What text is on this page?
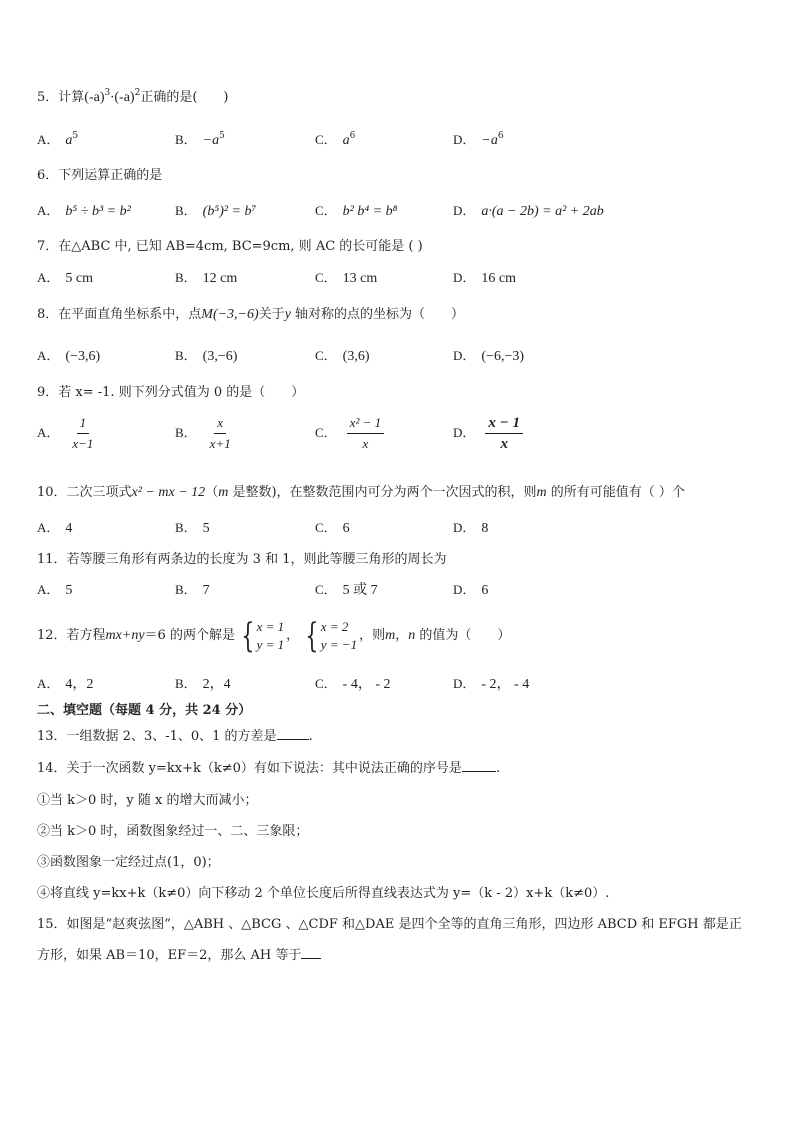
5．计算$(-a)^3\cdot(-a)^2$正确的是(　　)
A． $a^5$	B． $-a^5$	C． $a^6$	D． $-a^6$
6．下列运算正确的是
A． b⁵ ÷ b³ = b²	B． (b⁵)² = b⁷	C． b² b⁴ = b⁸	D． a·(a − 2b) = a² + 2ab
7．在△ABC 中, 已知 AB=4cm, BC=9cm, 则 AC 的长可能是 ( )
A． 5 cm	B． 12 cm	C． 13 cm	D． 16 cm
8．在平面直角坐标系中，点M(−3,−6)关于y 轴对称的点的坐标为（　　）
A． (−3,6)	B． (3,−6)	C． (3,6)	D． (−6,−3)
9．若 x= -1. 则下列分式值为 0 的是（　　）
A． $\frac{1}{x-1}$	B． $\frac{x}{x+1}$	C． $\frac{\text{x² − 1}}{x}$	D． $\frac{x - 1}{x}$
10．二次三项式x² − mx − 12（m 是整数)，在整数范围内可分为两个一次因式的积，则m 的所有可能值有（ ）个
A． 4	B． 5	C． 6	D． 8
11．若等腰三角形有两条边的长度为 3 和 1，则此等腰三角形的周长为
A． 5	B． 7	C． 5 或 7	D． 6
12．若方程mx+ny＝6 的两个解是 { x = 1
y = 1
， { x = 2
y = −1
，则m，n 的值为（　　）
A． 4，2	B． 2，4	C． - 4， - 2	D． - 2， - 4
二、填空题（每题 4 分，共 24 分）
13．一组数据 2、3、-1、0、1 的方差是 .
14．关于一次函数 y=kx+k（k≠0）有如下说法：其中说法正确的序号是	.
①当 k＞0 时，y 随 x 的增大而减小；
②当 k＞0 时，函数图象经过一、二、三象限；
③函数图象一定经过点(1，0)；
④将直线 y=kx+k（k≠0）向下移动 2 个单位长度后所得直线表达式为 y=（k - 2）x+k（k≠0）.
15．如图是“赵爽弦图”，△ABH 、△BCG 、△CDF 和△DAE 是四个全等的直角三角形，四边形 ABCD 和 EFGH 都是正
方形，如果 AB＝10，EF＝2，那么 AH 等于
